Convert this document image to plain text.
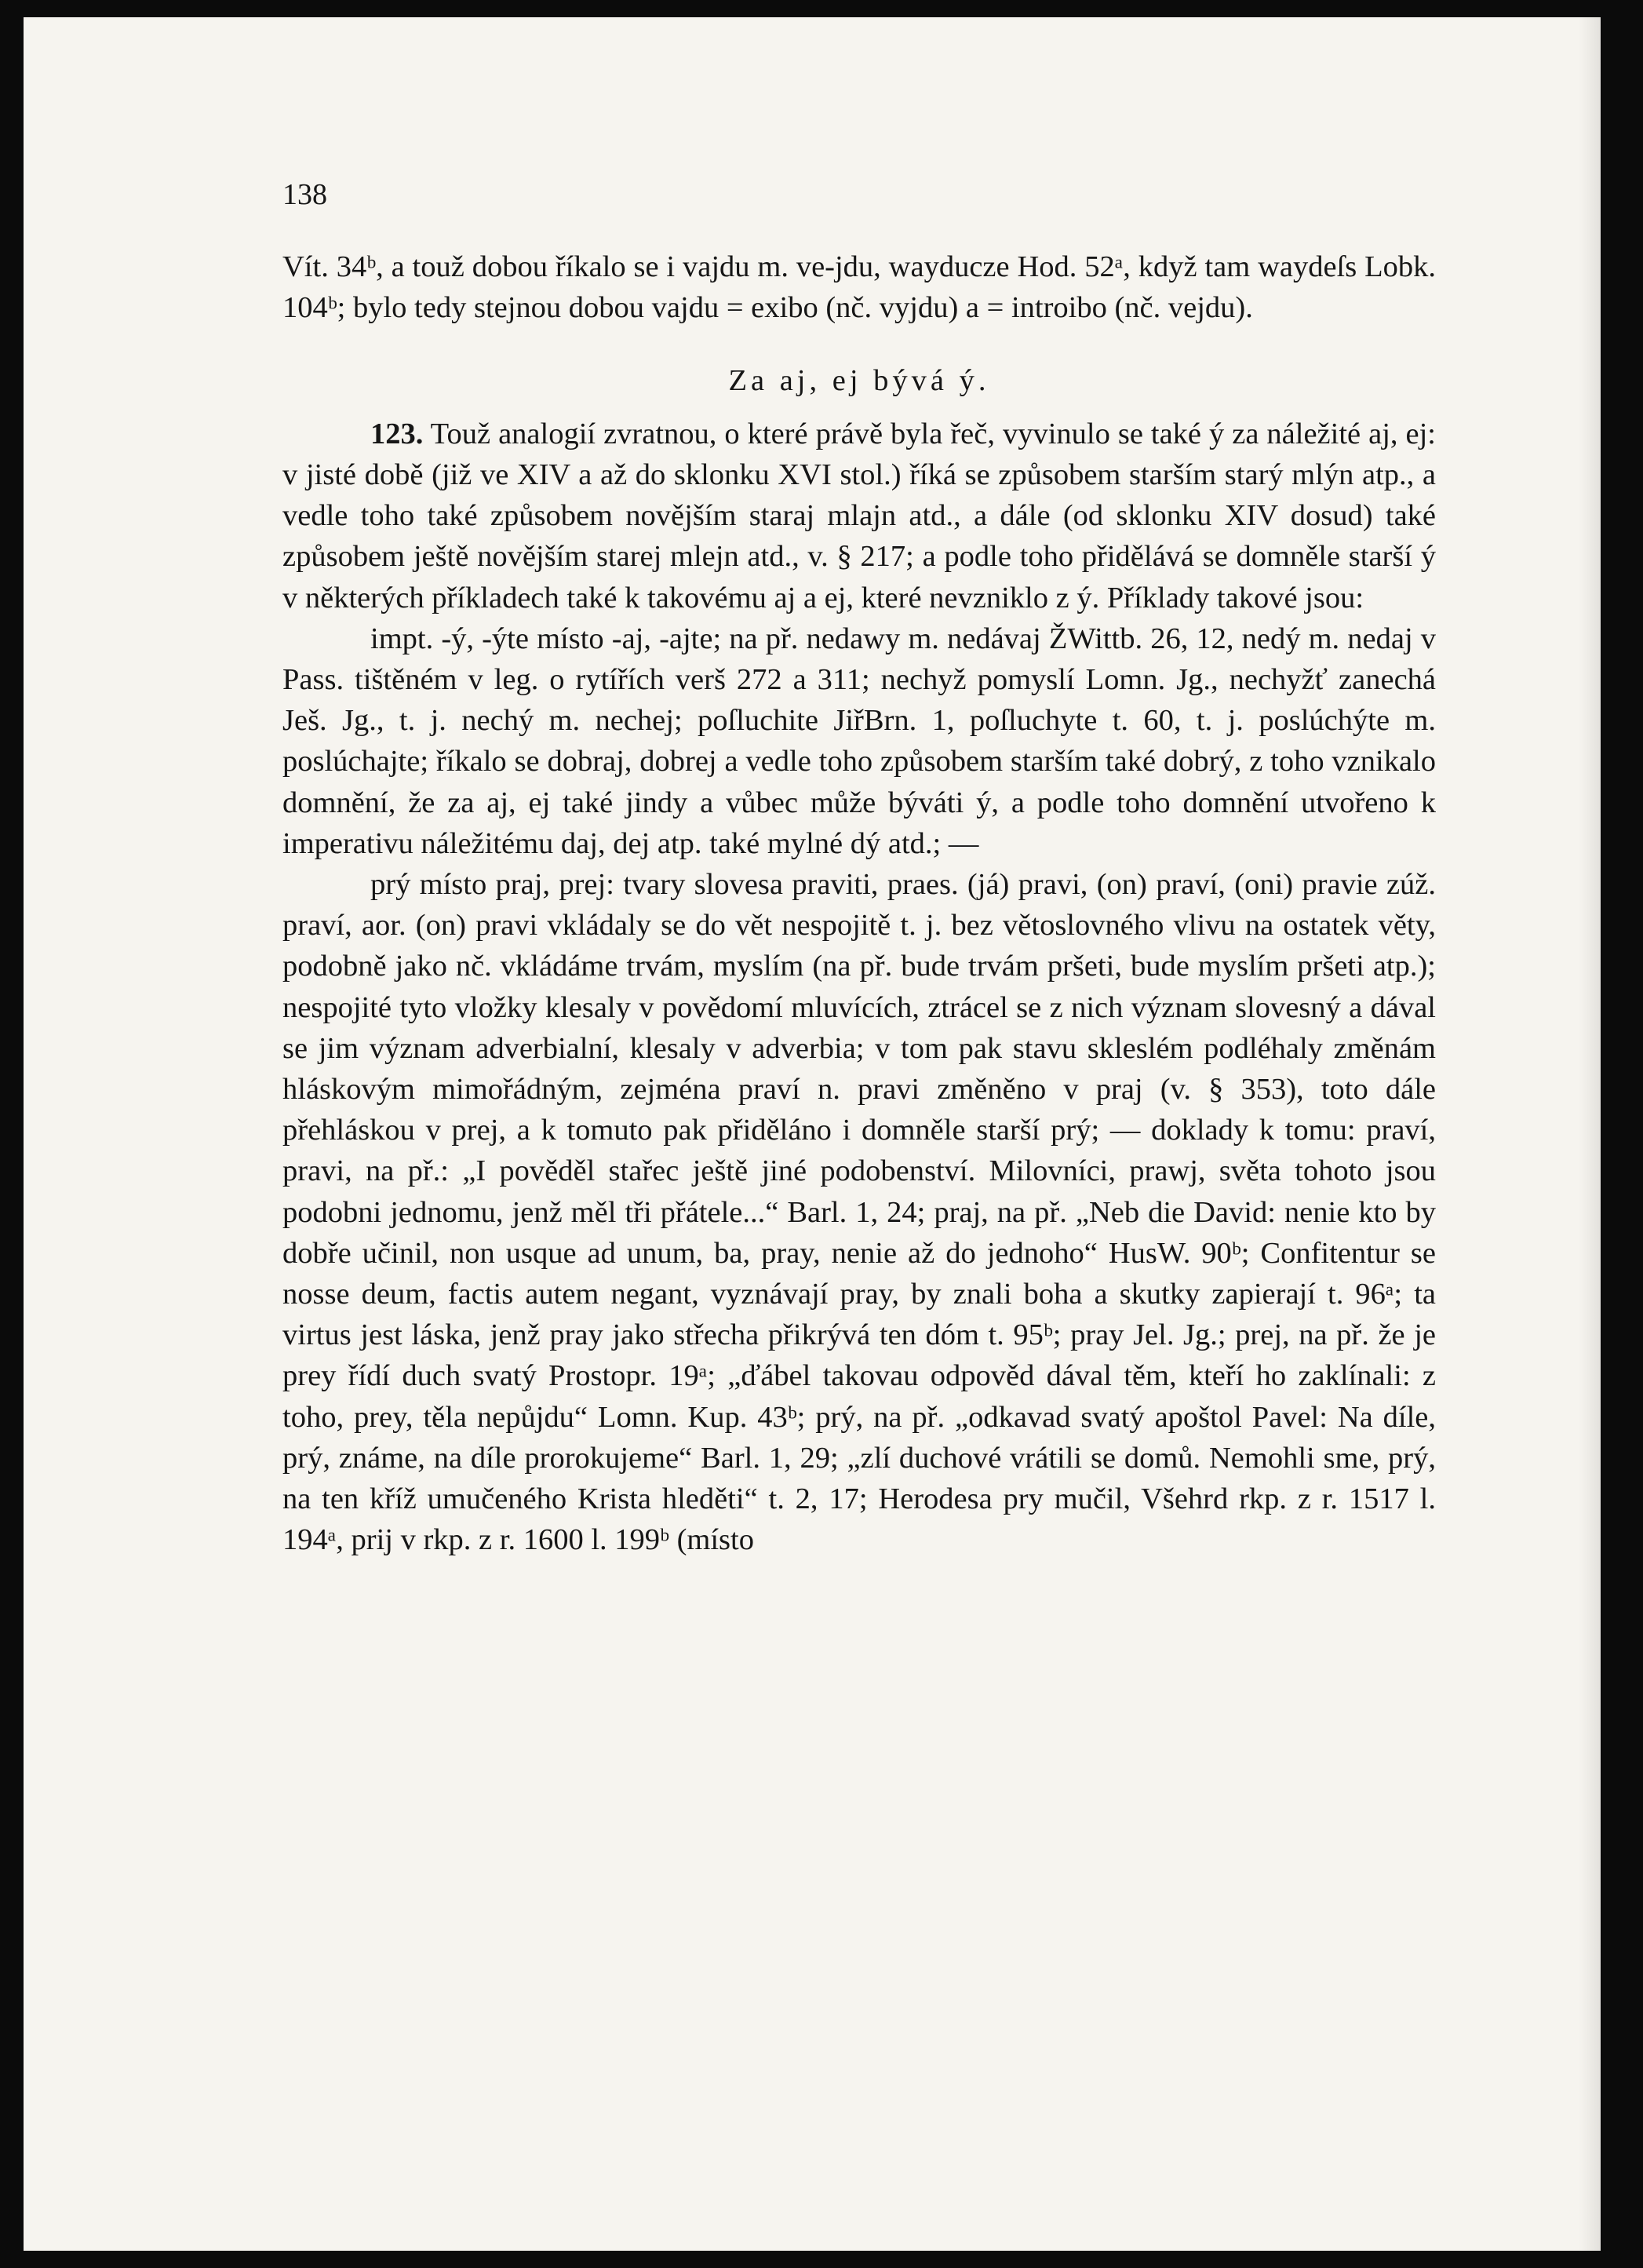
138

Vít. 34ᵇ, a touž dobou říkalo se i vajdu m. ve-jdu, wayducze Hod. 52ᵃ, když tam waydeſs Lobk. 104ᵇ; bylo tedy stejnou dobou vajdu = exibo (nč. vyjdu) a = introibo (nč. vejdu).

Za aj, ej bývá ý.

123. Touž analogií zvratnou, o které právě byla řeč, vyvinulo se také ý za náležité aj, ej: v jisté době (již ve XIV a až do sklonku XVI stol.) říká se způsobem starším starý mlýn atp., a vedle toho také způsobem novějším staraj mlajn atd., a dále (od sklonku XIV dosud) také způsobem ještě novějším starej mlejn atd., v. § 217; a podle toho přidělává se domněle starší ý v některých příkladech také k takovému aj a ej, které nevzniklo z ý. Příklady takové jsou:

impt. -ý, -ýte místo -aj, -ajte; na př. nedawy m. nedávaj ŽWittb. 26, 12, nedý m. nedaj v Pass. tištěném v leg. o rytířích verš 272 a 311; nechyž pomyslí Lomn. Jg., nechyžť zanechá Ješ. Jg., t. j. nechý m. nechej; poſluchite JiřBrn. 1, poſluchyte t. 60, t. j. poslúchýte m. poslúchajte; říkalo se dobraj, dobrej a vedle toho způsobem starším také dobrý, z toho vznikalo domnění, že za aj, ej také jindy a vůbec může býváti ý, a podle toho domnění utvořeno k imperativu náležitému daj, dej atp. také mylné dý atd.; —

prý místo praj, prej: tvary slovesa praviti, praes. (já) pravi, (on) praví, (oni) pravie zúž. praví, aor. (on) pravi vkládaly se do vět nespojitě t. j. bez větoslovného vlivu na ostatek věty, podobně jako nč. vkládáme trvám, myslím (na př. bude trvám pršeti, bude myslím pršeti atp.); nespojité tyto vložky klesaly v povědomí mluvících, ztrácel se z nich význam slovesný a dával se jim význam adverbialní, klesaly v adverbia; v tom pak stavu skleslém podléhaly změnám hláskovým mimořádným, zejména praví n. pravi změněno v praj (v. § 353), toto dále přehláskou v prej, a k tomuto pak přiděláno i domněle starší prý; — doklady k tomu: praví, pravi, na př.: „I pověděl stařec ještě jiné podobenství. Milovníci, prawj, světa tohoto jsou podobni jednomu, jenž měl tři přátele...“ Barl. 1, 24; praj, na př. „Neb die David: nenie kto by dobře učinil, non usque ad unum, ba, pray, nenie až do jednoho“ HusW. 90ᵇ; Confitentur se nosse deum, factis autem negant, vyznávají pray, by znali boha a skutky zapierají t. 96ᵃ; ta virtus jest láska, jenž pray jako střecha přikrývá ten dóm t. 95ᵇ; pray Jel. Jg.; prej, na př. že je prey řídí duch svatý Prostopr. 19ᵃ; „ďábel takovau odpověd dával těm, kteří ho zaklínali: z toho, prey, těla nepůjdu“ Lomn. Kup. 43ᵇ; prý, na př. „odkavad svatý apoštol Pavel: Na díle, prý, známe, na díle prorokujeme“ Barl. 1, 29; „zlí duchové vrátili se domů. Nemohli sme, prý, na ten kříž umučeného Krista hleděti“ t. 2, 17; Herodesa pry mučil, Všehrd rkp. z r. 1517 l. 194ᵃ, prij v rkp. z r. 1600 l. 199ᵇ (místo
